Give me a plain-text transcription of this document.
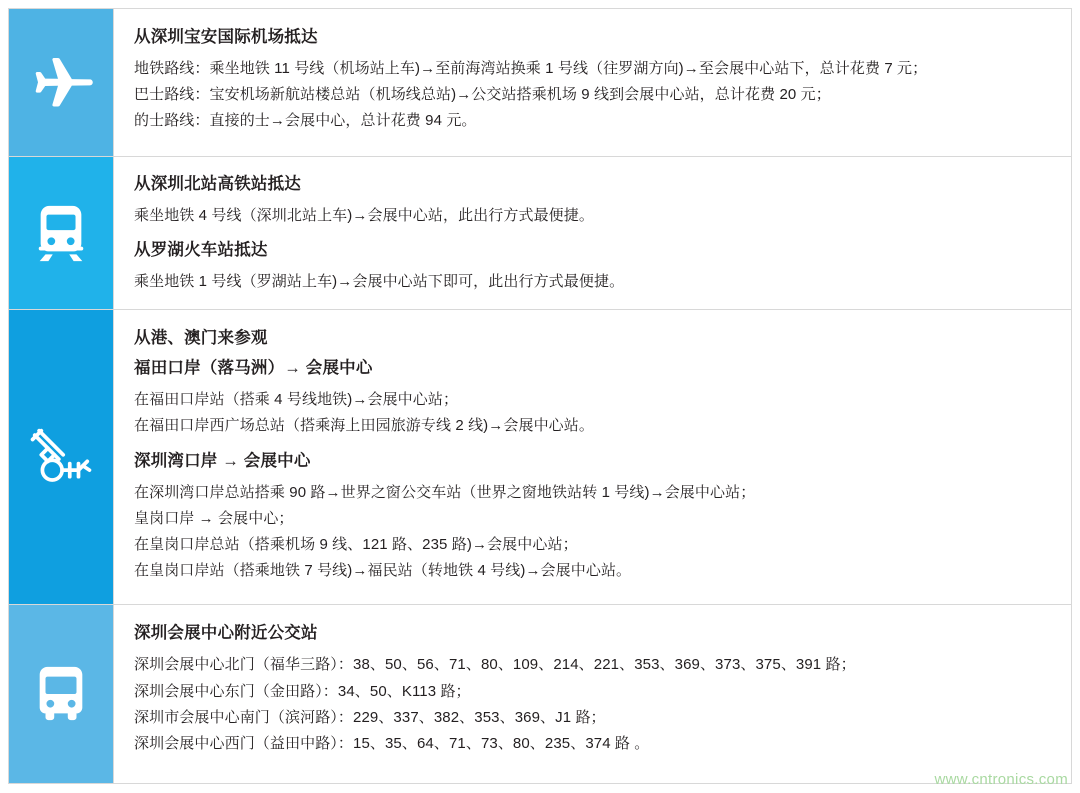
从深圳宝安国际机场抵达

地铁路线：乘坐地铁 11 号线（机场站上车)→至前海湾站换乘 1 号线（往罗湖方向)→至会展中心站下，总计花费 7 元；

巴士路线：宝安机场新航站楼总站（机场线总站)→公交站搭乘机场 9 线到会展中心站，总计花费 20 元；

的士路线：直接的士→会展中心，总计花费 94 元。

从深圳北站高铁站抵达

乘坐地铁 4 号线（深圳北站上车)→会展中心站，此出行方式最便捷。

从罗湖火车站抵达

乘坐地铁 1 号线（罗湖站上车)→会展中心站下即可，此出行方式最便捷。

从港、澳门来参观
福田口岸（落马洲）→ 会展中心

在福田口岸站（搭乘 4 号线地铁)→会展中心站；

在福田口岸西广场总站（搭乘海上田园旅游专线 2 线)→会展中心站。

深圳湾口岸 → 会展中心

在深圳湾口岸总站搭乘 90 路→世界之窗公交车站（世界之窗地铁站转 1 号线)→会展中心站；

皇岗口岸 → 会展中心；

在皇岗口岸总站（搭乘机场 9 线、121 路、235 路)→会展中心站；

在皇岗口岸站（搭乘地铁 7 号线)→福民站（转地铁 4 号线)→会展中心站。

深圳会展中心附近公交站

深圳会展中心北门（福华三路）：38、50、56、71、80、109、214、221、353、369、373、375、391 路；

深圳会展中心东门（金田路）：34、50、K113 路；

深圳市会展中心南门（滨河路）：229、337、382、353、369、J1 路；

深圳会展中心西门（益田中路）：15、35、64、71、73、80、235、374 路 。

www.cntronics.com
